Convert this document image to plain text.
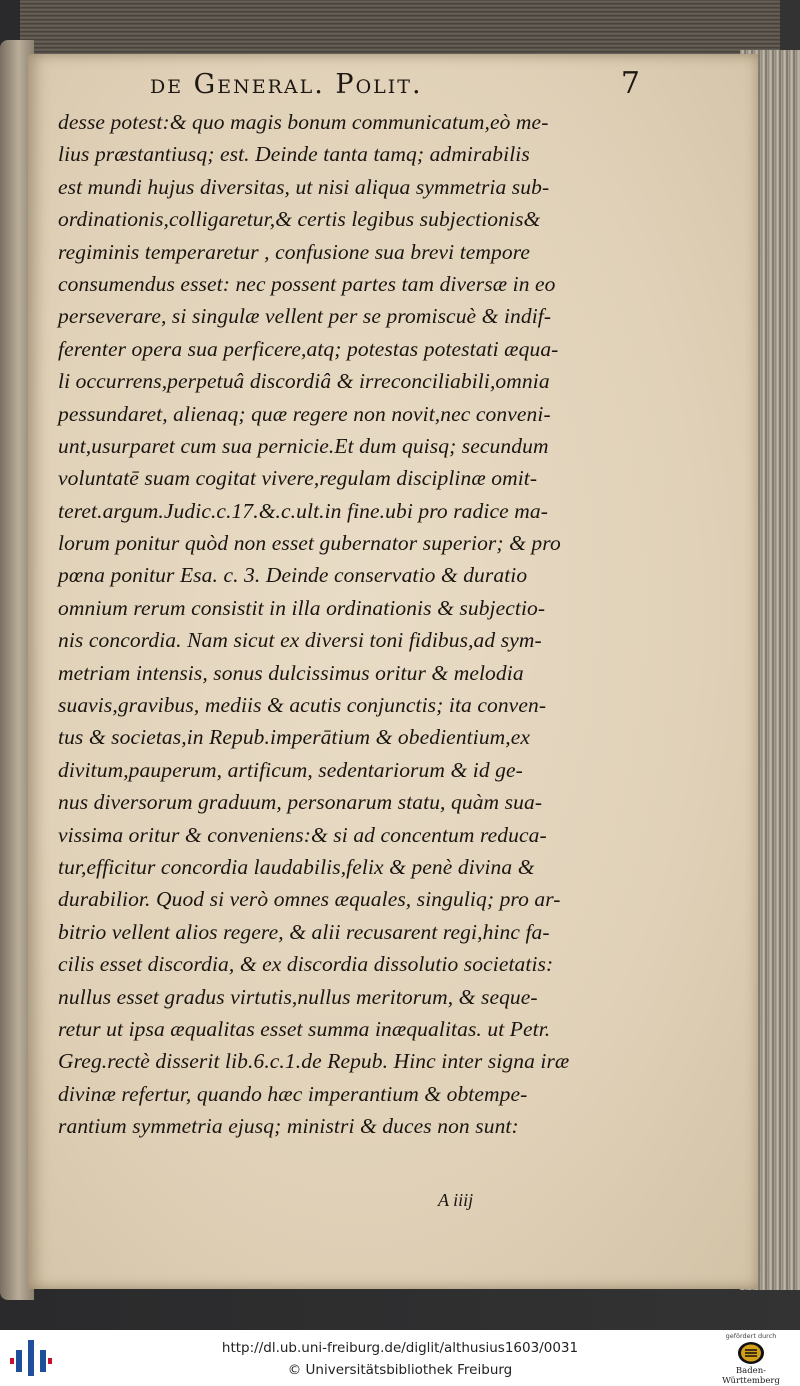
de General. Polit.	7
desse potest:& quo magis bonum communicatum,eò me-
lius præstantiusq; est. Deinde tanta tamq; admirabilis
est mundi hujus diversitas, ut nisi aliqua symmetria sub-
ordinationis,colligaretur,& certis legibus subjectionis&
regiminis temperaretur , confusione sua brevi tempore
consumendus esset: nec possent partes tam diversæ in eo
perseverare, si singulæ vellent per se promiscuè & indif-
ferenter opera sua perficere,atq; potestas potestati æqua-
li occurrens,perpetuâ discordiâ & irreconciliabili,omnia
pessundaret, alienaq; quæ regere non novit,nec conveni-
unt,usurparet cum sua pernicie.Et dum quisq; secundum
voluntatē suam cogitat vivere,regulam disciplinæ omit-
teret.argum.Judic.c.17.&.c.ult.in fine.ubi pro radice ma-
lorum ponitur quòd non esset gubernator superior; & pro
pœna ponitur Esa. c. 3. Deinde conservatio & duratio
omnium rerum consistit in illa ordinationis & subjectio-
nis concordia. Nam sicut ex diversi toni fidibus,ad sym-
metriam intensis, sonus dulcissimus oritur & melodia
suavis,gravibus, mediis & acutis conjunctis; ita conven-
tus & societas,in Repub.imperātium & obedientium,ex
divitum,pauperum, artificum, sedentariorum & id ge-
nus diversorum graduum, personarum statu, quàm sua-
vissima oritur & conveniens:& si ad concentum reduca-
tur,efficitur concordia laudabilis,felix & penè divina &
durabilior. Quod si verò omnes æquales, singuliq; pro ar-
bitrio vellent alios regere, & alii recusarent regi,hinc fa-
cilis esset discordia, & ex discordia dissolutio societatis:
nullus esset gradus virtutis,nullus meritorum, & seque-
retur ut ipsa æqualitas esset summa inæqualitas. ut Petr.
Greg.rectè disserit lib.6.c.1.de Repub. Hinc inter signa iræ
divinæ refertur, quando hæc imperantium & obtempe-
rantium symmetria ejusq; ministri & duces non sunt:
A iiij
http://dl.ub.uni-freiburg.de/diglit/althusius1603/0031
© Universitätsbibliothek Freiburg
gefördert durch
Baden-Württemberg
